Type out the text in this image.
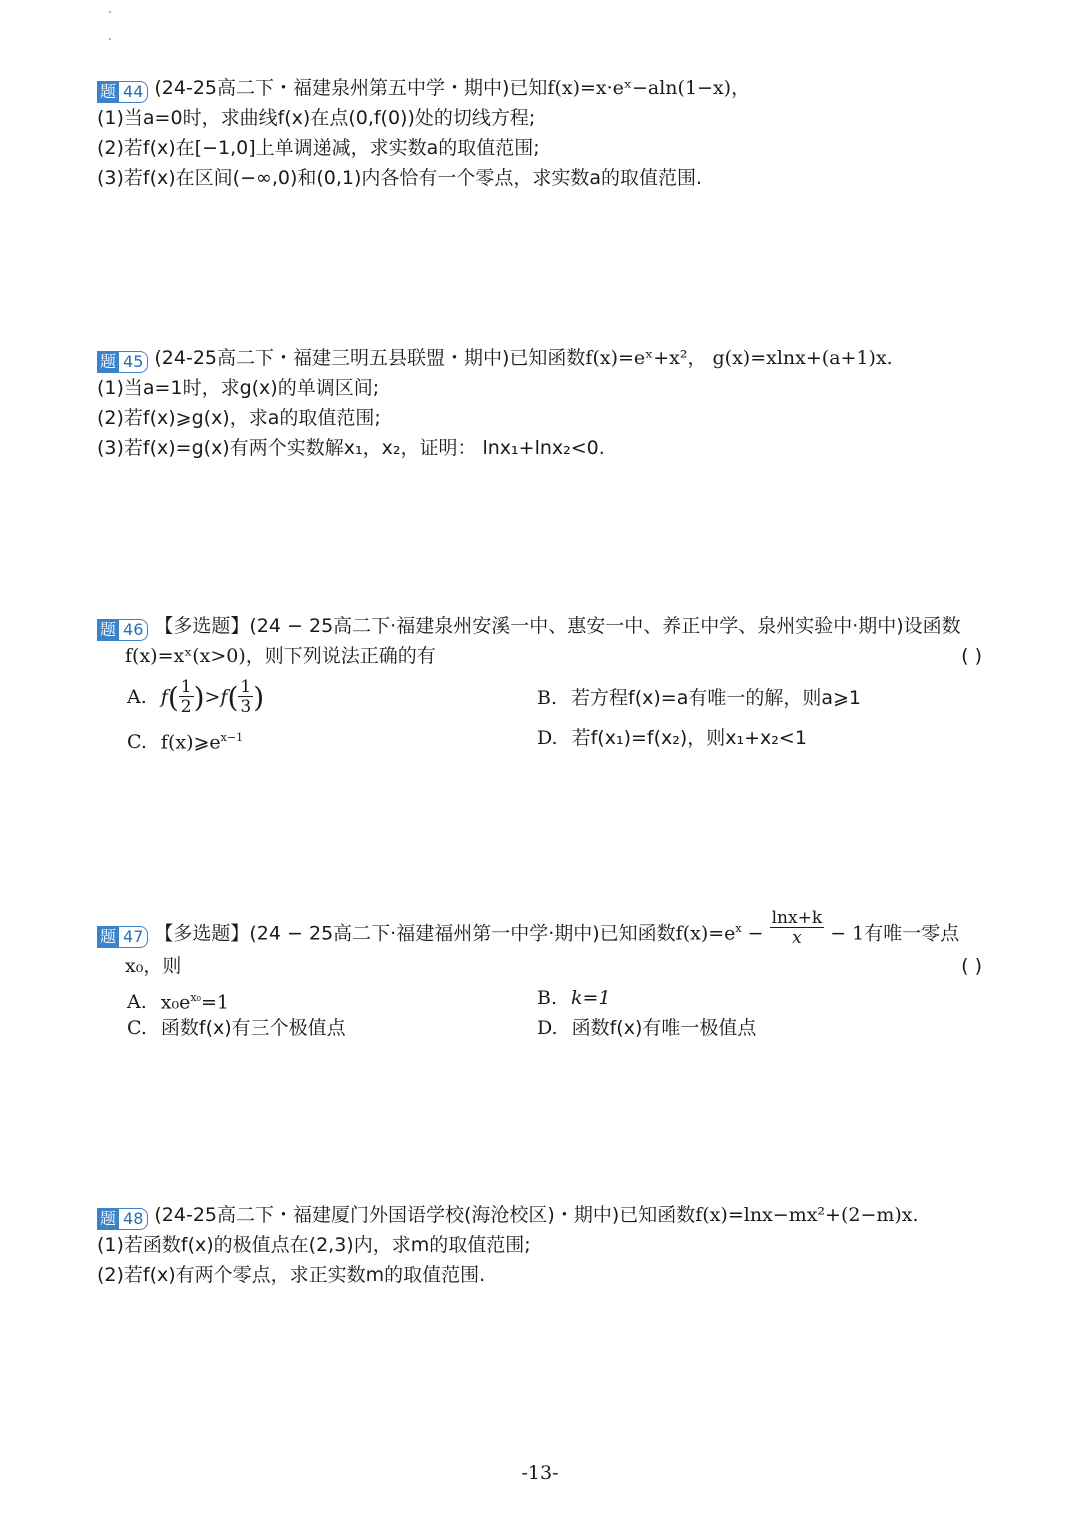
题 44 (24-25高二下・福建泉州第五中学・期中)已知f(x)=x·eˣ−aln(1−x)，
(1)当a=0时，求曲线f(x)在点(0,f(0))处的切线方程;
(2)若f(x)在[−1,0]上单调递减，求实数a的取值范围;
(3)若f(x)在区间(−∞,0)和(0,1)内各恰有一个零点，求实数a的取值范围.
题 45 (24-25高二下・福建三明五县联盟・期中)已知函数f(x)=eˣ+x²， g(x)=xlnx+(a+1)x.
(1)当a=1时，求g(x)的单调区间;
(2)若f(x)⩾g(x)，求a的取值范围;
(3)若f(x)=g(x)有两个实数解x₁，x₂，证明： lnx₁+lnx₂<0.
题 46 【多选题】(24 − 25高二下·福建泉州安溪一中、惠安一中、养正中学、泉州实验中·期中)设函数
f(x)=xˣ(x>0)，则下列说法正确的有	( )
A. $f( \frac{1}{2} )>f( \frac{1}{3}$ )	B. 若方程f(x)=a有唯一的解，则a⩾1
C. $f(x)⩾e^{x-1}$	D. 若f(x₁)=f(x₂)，则x₁+x₂<1
题 47 【多选题】(24 − 25高二下·福建福州第一中学·期中)已知函数$f(x)=e^x - \frac{\ln x+k}{x} - 1$有唯一零点
x₀，则	( )
A. $x_0e^{x_0}=1$	B. k=1
C. 函数f(x)有三个极值点	D. 函数f(x)有唯一极值点
题 48 (24-25高二下・福建厦门外国语学校(海沧校区)・期中)已知函数f(x)=lnx−mx²+(2−m)x.
(1)若函数f(x)的极值点在(2,3)内，求m的取值范围;
(2)若f(x)有两个零点，求正实数m的取值范围.
-13-
